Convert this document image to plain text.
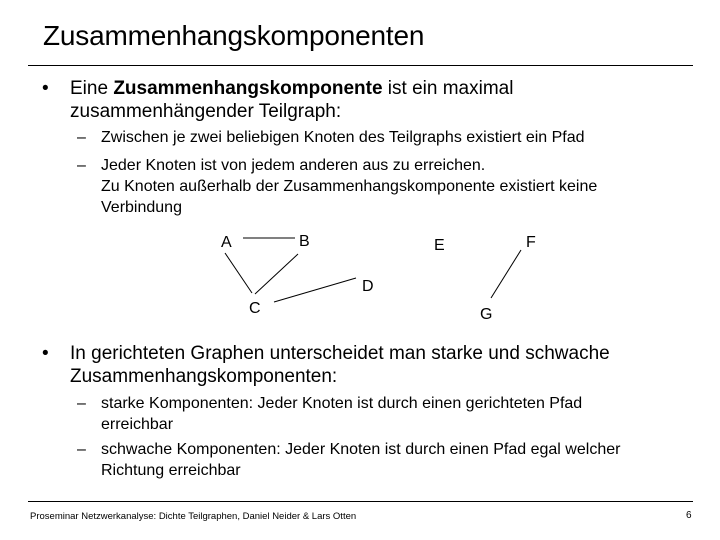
Zusammenhangskomponenten
• Eine Zusammenhangskomponente ist ein maximal zusammenhängender Teilgraph:
– Zwischen je zwei beliebigen Knoten des Teilgraphs existiert ein Pfad
– Jeder Knoten ist von jedem anderen aus zu erreichen.
Zu Knoten außerhalb der Zusammenhangskomponente existiert keine Verbindung
A	B
C
D
E	F
G
• In gerichteten Graphen unterscheidet man starke und schwache Zusammenhangskomponenten:
– starke Komponenten: Jeder Knoten ist durch einen gerichteten Pfad erreichbar
– schwache Komponenten: Jeder Knoten ist durch einen Pfad egal welcher Richtung erreichbar
Proseminar Netzwerkanalyse: Dichte Teilgraphen, Daniel Neider & Lars Otten	6
